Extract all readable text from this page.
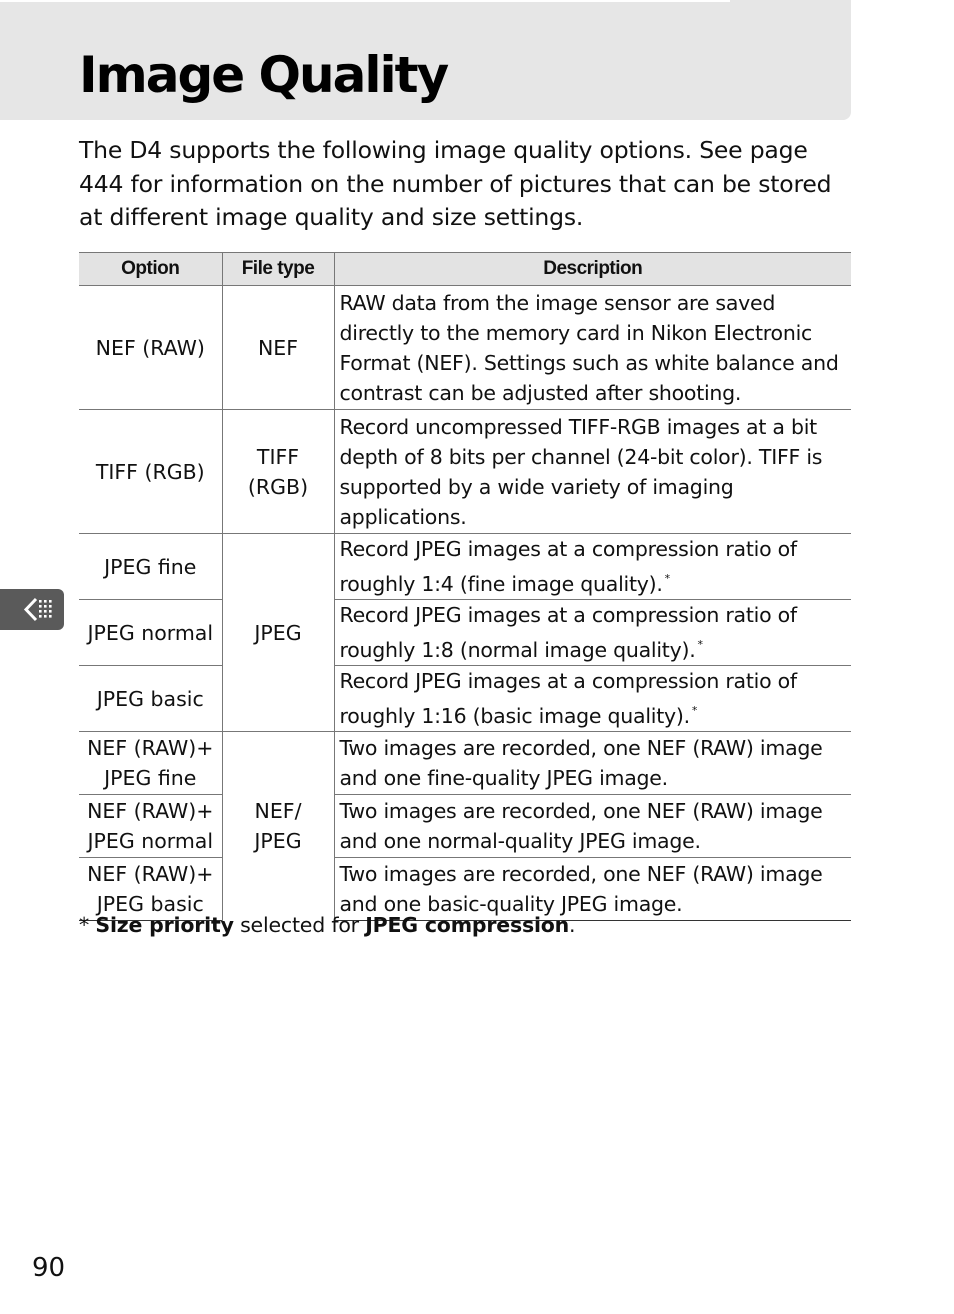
Image Quality

The D4 supports the following image quality options. See page 444 for information on the number of pictures that can be stored at different image quality and size settings.

Option	File type	Description
NEF (RAW)	NEF	RAW data from the image sensor are saved directly to the memory card in Nikon Electronic Format (NEF). Settings such as white balance and contrast can be adjusted after shooting.
TIFF (RGB)	TIFF (RGB)	Record uncompressed TIFF-RGB images at a bit depth of 8 bits per channel (24-bit color). TIFF is supported by a wide variety of imaging applications.
JPEG fine	JPEG	Record JPEG images at a compression ratio of roughly 1:4 (fine image quality). *
JPEG normal		Record JPEG images at a compression ratio of roughly 1:8 (normal image quality). *
JPEG basic		Record JPEG images at a compression ratio of roughly 1:16 (basic image quality). *
NEF (RAW)+ JPEG fine	NEF/ JPEG	Two images are recorded, one NEF (RAW) image and one fine-quality JPEG image.
NEF (RAW)+ JPEG normal		Two images are recorded, one NEF (RAW) image and one normal-quality JPEG image.
NEF (RAW)+ JPEG basic		Two images are recorded, one NEF (RAW) image and one basic-quality JPEG image.

* Size priority selected for JPEG compression.

90
